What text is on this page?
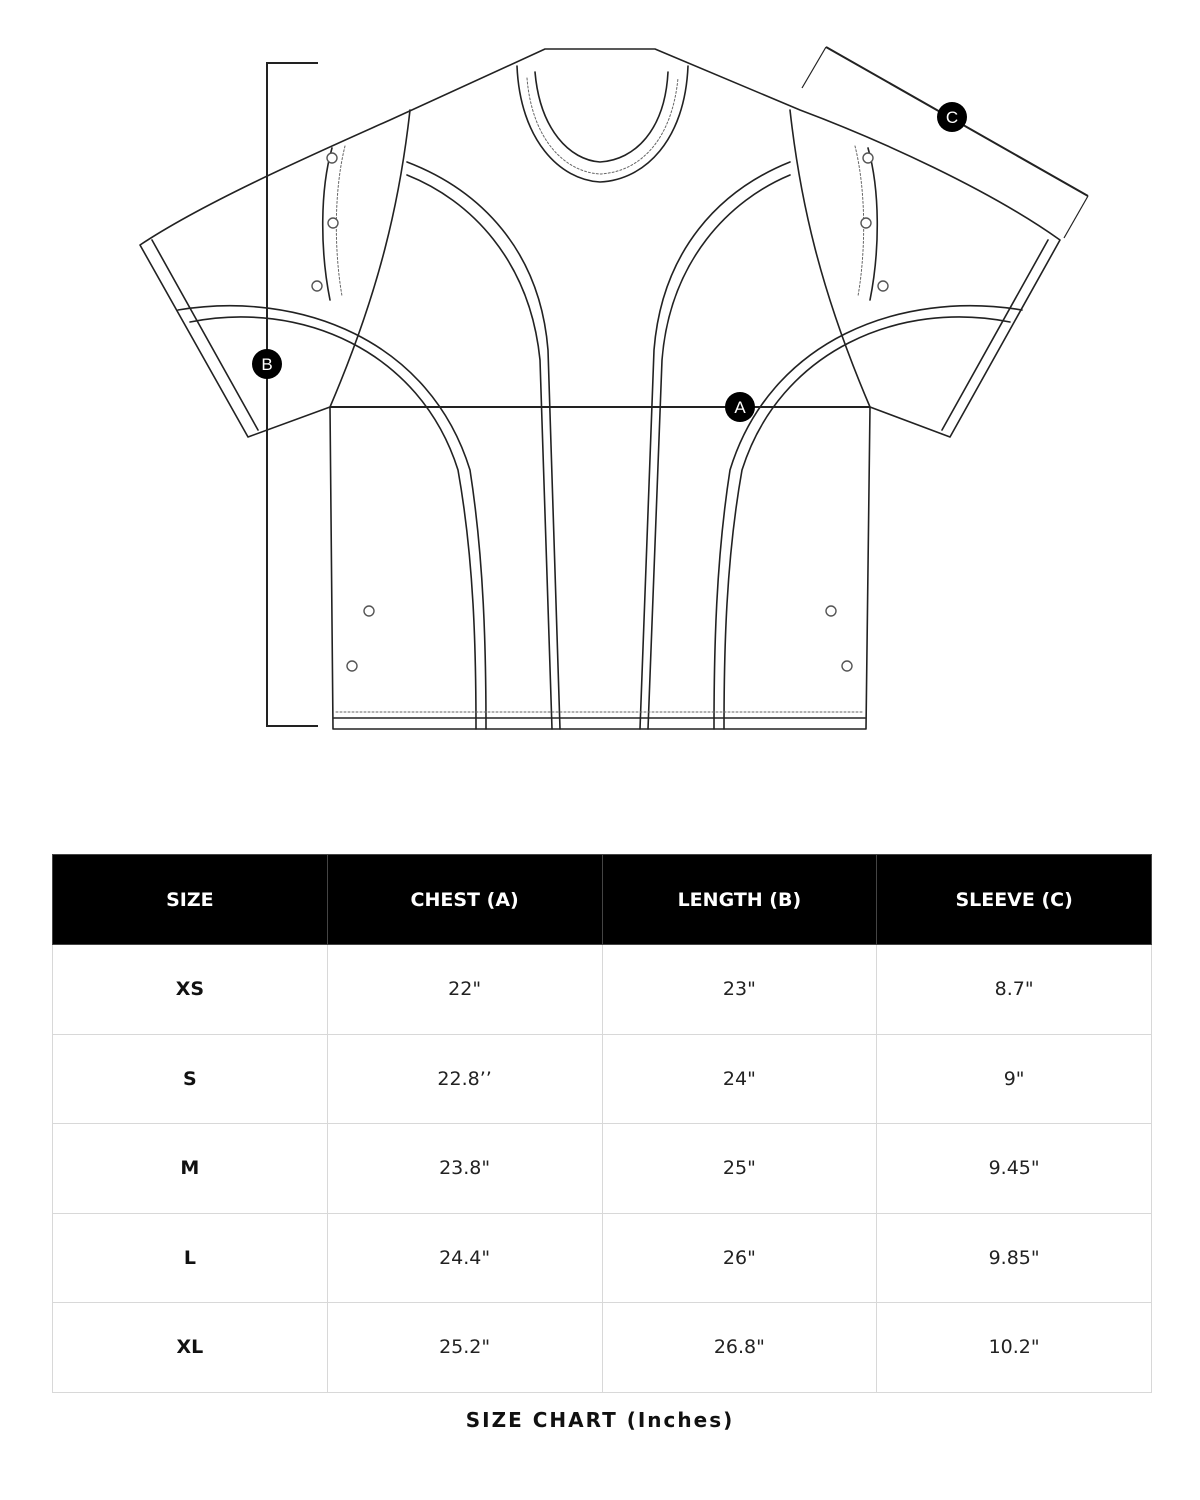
B
A
C
SIZE	CHEST (A)	LENGTH (B)	SLEEVE (C)
XS	22"	23"	8.7"
S	22.8’’	24"	9"
M	23.8"	25"	9.45"
L	24.4"	26"	9.85"
XL	25.2"	26.8"	10.2"
SIZE CHART (Inches)
